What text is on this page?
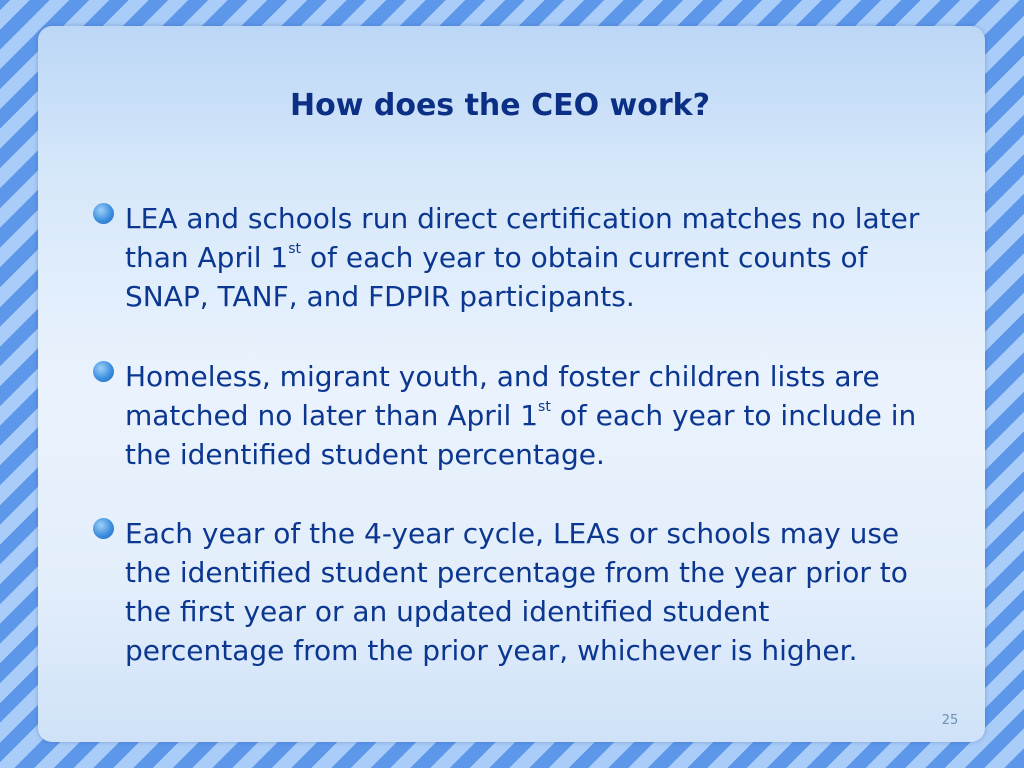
How does the CEO work?
LEA and schools run direct certification matches no later
than April 1st of each year to obtain current counts of
SNAP, TANF, and FDPIR participants.
Homeless, migrant youth, and foster children lists are
matched no later than April 1st of each year to include in
the identified student percentage.
Each year of the 4-year cycle, LEAs or schools may use
the identified student percentage from the year prior to
the first year or an updated identified student
percentage from the prior year, whichever is higher.
25
